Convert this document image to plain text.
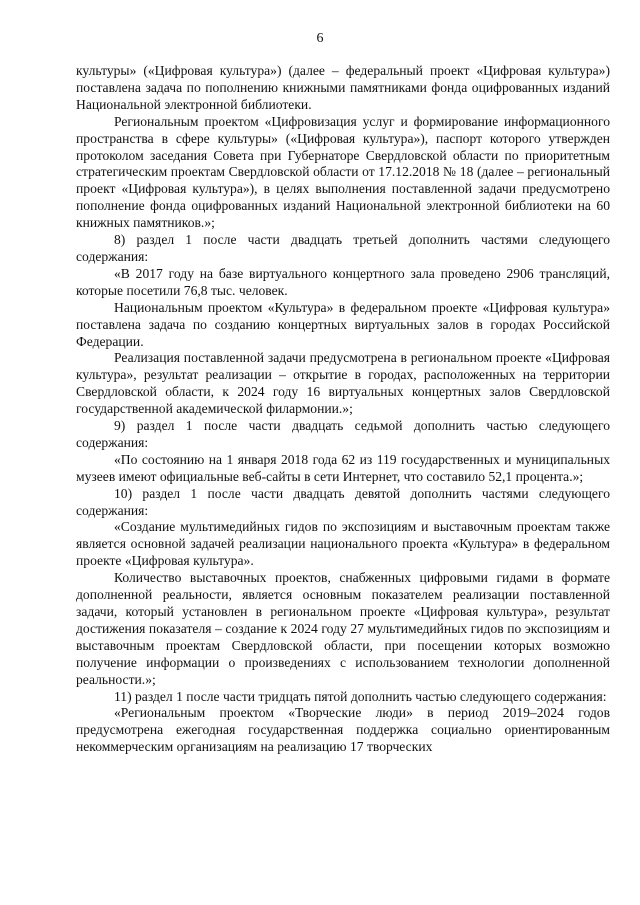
6

культуры» («Цифровая культура») (далее – федеральный проект «Цифровая культура») поставлена задача по пополнению книжными памятниками фонда оцифрованных изданий Национальной электронной библиотеки.

Региональным проектом «Цифровизация услуг и формирование информационного пространства в сфере культуры» («Цифровая культура»), паспорт которого утвержден протоколом заседания Совета при Губернаторе Свердловской области по приоритетным стратегическим проектам Свердловской области от 17.12.2018 № 18 (далее – региональный проект «Цифровая культура»), в целях выполнения поставленной задачи предусмотрено пополнение фонда оцифрованных изданий Национальной электронной библиотеки на 60 книжных памятников.»;

8) раздел 1 после части двадцать третьей дополнить частями следующего содержания:

«В 2017 году на базе виртуального концертного зала проведено 2906 трансляций, которые посетили 76,8 тыс. человек.

Национальным проектом «Культура» в федеральном проекте «Цифровая культура» поставлена задача по созданию концертных виртуальных залов в городах Российской Федерации.

Реализация поставленной задачи предусмотрена в региональном проекте «Цифровая культура», результат реализации – открытие в городах, расположенных на территории Свердловской области, к 2024 году 16 виртуальных концертных залов Свердловской государственной академической филармонии.»;

9) раздел 1 после части двадцать седьмой дополнить частью следующего содержания:

«По состоянию на 1 января 2018 года 62 из 119 государственных и муниципальных музеев имеют официальные веб-сайты в сети Интернет, что составило 52,1 процента.»;

10) раздел 1 после части двадцать девятой дополнить частями следующего содержания:

«Создание мультимедийных гидов по экспозициям и выставочным проектам также является основной задачей реализации национального проекта «Культура» в федеральном проекте «Цифровая культура».

Количество выставочных проектов, снабженных цифровыми гидами в формате дополненной реальности, является основным показателем реализации поставленной задачи, который установлен в региональном проекте «Цифровая культура», результат достижения показателя – создание к 2024 году 27 мультимедийных гидов по экспозициям и выставочным проектам Свердловской области, при посещении которых возможно получение информации о произведениях с использованием технологии дополненной реальности.»;

11) раздел 1 после части тридцать пятой дополнить частью следующего содержания:

«Региональным проектом «Творческие люди» в период 2019–2024 годов предусмотрена ежегодная государственная поддержка социально ориентированным некоммерческим организациям на реализацию 17 творческих
